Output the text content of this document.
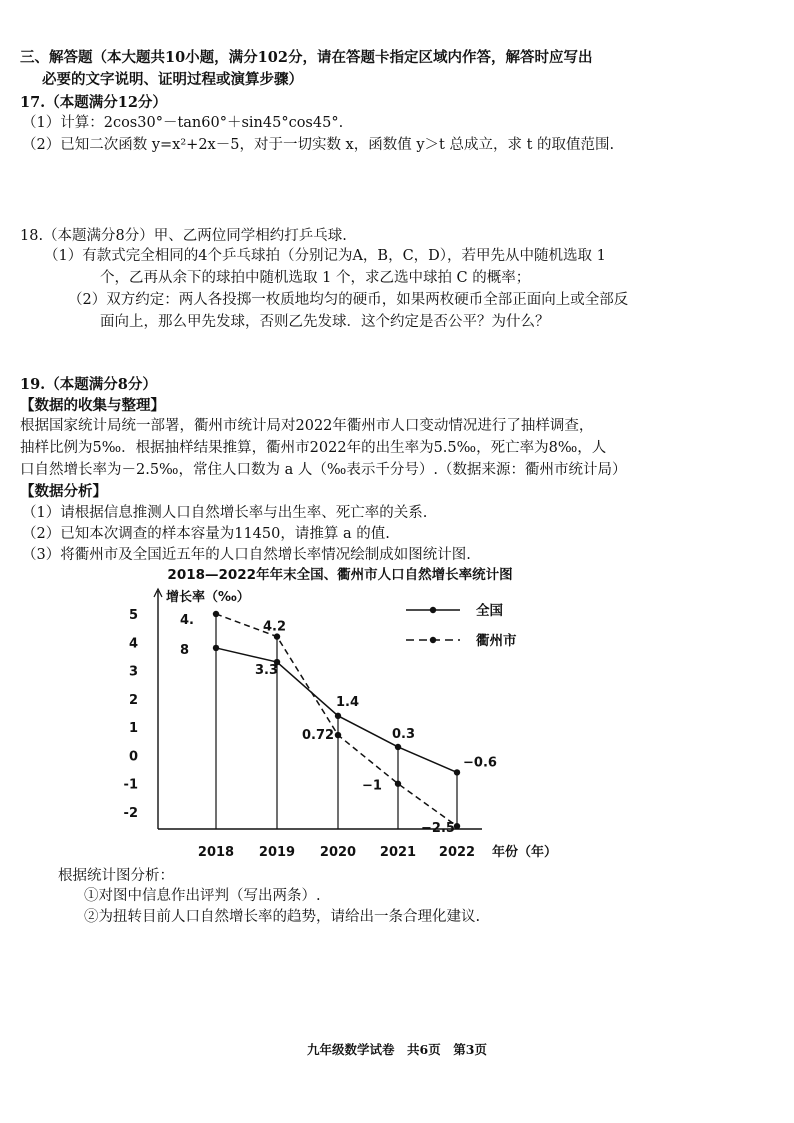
三、解答题（本大题共10小题，满分102分，请在答题卡指定区域内作答，解答时应写出
必要的文字说明、证明过程或演算步骤）
17.（本题满分12分）
（1）计算：2cos30°－tan60°＋sin45°cos45°.
（2）已知二次函数 y=x²+2x－5，对于一切实数 x，函数值 y＞t 总成立，求 t 的取值范围.
18.（本题满分8分）甲、乙两位同学相约打乒乓球.
（1）有款式完全相同的4个乒乓球拍（分别记为A，B，C，D），若甲先从中随机选取 1
个，乙再从余下的球拍中随机选取 1 个，求乙选中球拍 C 的概率；
（2）双方约定：两人各投掷一枚质地均匀的硬币，如果两枚硬币全部正面向上或全部反
面向上，那么甲先发球，否则乙先发球．这个约定是否公平？为什么？
19.（本题满分8分）
【数据的收集与整理】
根据国家统计局统一部署，衢州市统计局对2022年衢州市人口变动情况进行了抽样调查，
抽样比例为5‰．根据抽样结果推算，衢州市2022年的出生率为5.5‰，死亡率为8‰，人
口自然增长率为－2.5‰，常住人口数为 a 人（‰表示千分号）.（数据来源：衢州市统计局）
【数据分析】
（1）请根据信息推测人口自然增长率与出生率、死亡率的关系.
（2）已知本次调查的样本容量为11450，请推算 a 的值.
（3）将衢州市及全国近五年的人口自然增长率情况绘制成如图统计图.
2018—2022年年末全国、衢州市人口自然增长率统计图
增长率（‰）
年份（年）
5
4
3
2
1
0
-1
-2
3.3
1.4
0.3
−0.6
4.2
0.72
−1
−2.5
4.
8
2018 2019 2020 2021 2022
全国
衢州市
根据统计图分析：
①对图中信息作出评判（写出两条）.
②为扭转目前人口自然增长率的趋势，请给出一条合理化建议.
九年级数学试卷　共6页　第3页
